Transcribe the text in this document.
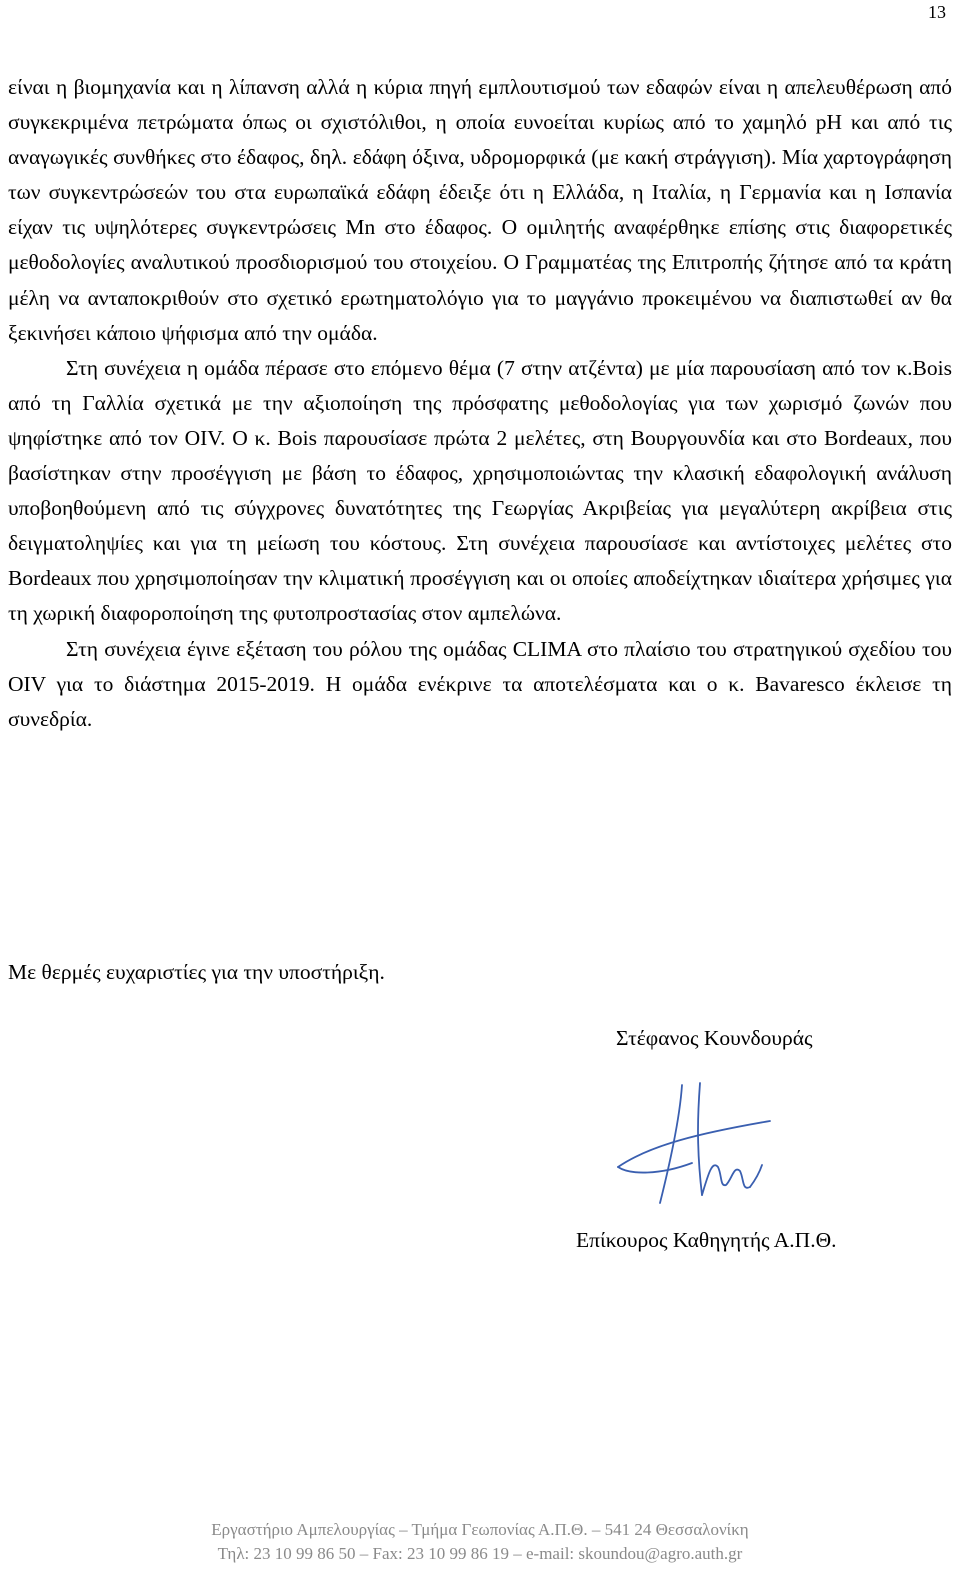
13

είναι η βιομηχανία και η λίπανση αλλά η κύρια πηγή εμπλουτισμού των εδαφών είναι η απελευθέρωση από συγκεκριμένα πετρώματα όπως οι σχιστόλιθοι, η οποία ευνοείται κυρίως από το χαμηλό pH και από τις αναγωγικές συνθήκες στο έδαφος, δηλ. εδάφη όξινα, υδρομορφικά (με κακή στράγγιση). Μία χαρτογράφηση των συγκεντρώσεών του στα ευρωπαϊκά εδάφη έδειξε ότι η Ελλάδα, η Ιταλία, η Γερμανία και η Ισπανία είχαν τις υψηλότερες συγκεντρώσεις Mn στο έδαφος. Ο ομιλητής αναφέρθηκε επίσης στις διαφορετικές μεθοδολογίες αναλυτικού προσδιορισμού του στοιχείου. Ο Γραμματέας της Επιτροπής ζήτησε από τα κράτη μέλη να ανταποκριθούν στο σχετικό ερωτηματολόγιο για το μαγγάνιο προκειμένου να διαπιστωθεί αν θα ξεκινήσει κάποιο ψήφισμα από την ομάδα.

Στη συνέχεια η ομάδα πέρασε στο επόμενο θέμα (7 στην ατζέντα) με μία παρουσίαση από τον κ.Bois από τη Γαλλία σχετικά με την αξιοποίηση της πρόσφατης μεθοδολογίας για των χωρισμό ζωνών που ψηφίστηκε από τον OIV. Ο κ. Bois παρουσίασε πρώτα 2 μελέτες, στη Βουργουνδία και στο Bordeaux, που βασίστηκαν στην προσέγγιση με βάση το έδαφος, χρησιμοποιώντας την κλασική εδαφολογική ανάλυση υποβοηθούμενη από τις σύγχρονες δυνατότητες της Γεωργίας Ακριβείας για μεγαλύτερη ακρίβεια στις δειγματοληψίες και για τη μείωση του κόστους. Στη συνέχεια παρουσίασε και αντίστοιχες μελέτες στο Bordeaux που χρησιμοποίησαν την κλιματική προσέγγιση και οι οποίες αποδείχτηκαν ιδιαίτερα χρήσιμες για τη χωρική διαφοροποίηση της φυτοπροστασίας στον αμπελώνα.

Στη συνέχεια έγινε εξέταση του ρόλου της ομάδας CLIMA στο πλαίσιο του στρατηγικού σχεδίου του OIV για το διάστημα 2015-2019. Η ομάδα ενέκρινε τα αποτελέσματα και ο κ. Bavaresco έκλεισε τη συνεδρία.

Με θερμές ευχαριστίες για την υποστήριξη.
Στέφανος Κουνδουράς
Επίκουρος Καθηγητής Α.Π.Θ.
Εργαστήριο Αμπελουργίας – Τμήμα Γεωπονίας Α.Π.Θ. – 541 24 Θεσσαλονίκη
Τηλ: 23 10 99 86 50 – Fax: 23 10 99 86 19 – e-mail: skoundou@agro.auth.gr
